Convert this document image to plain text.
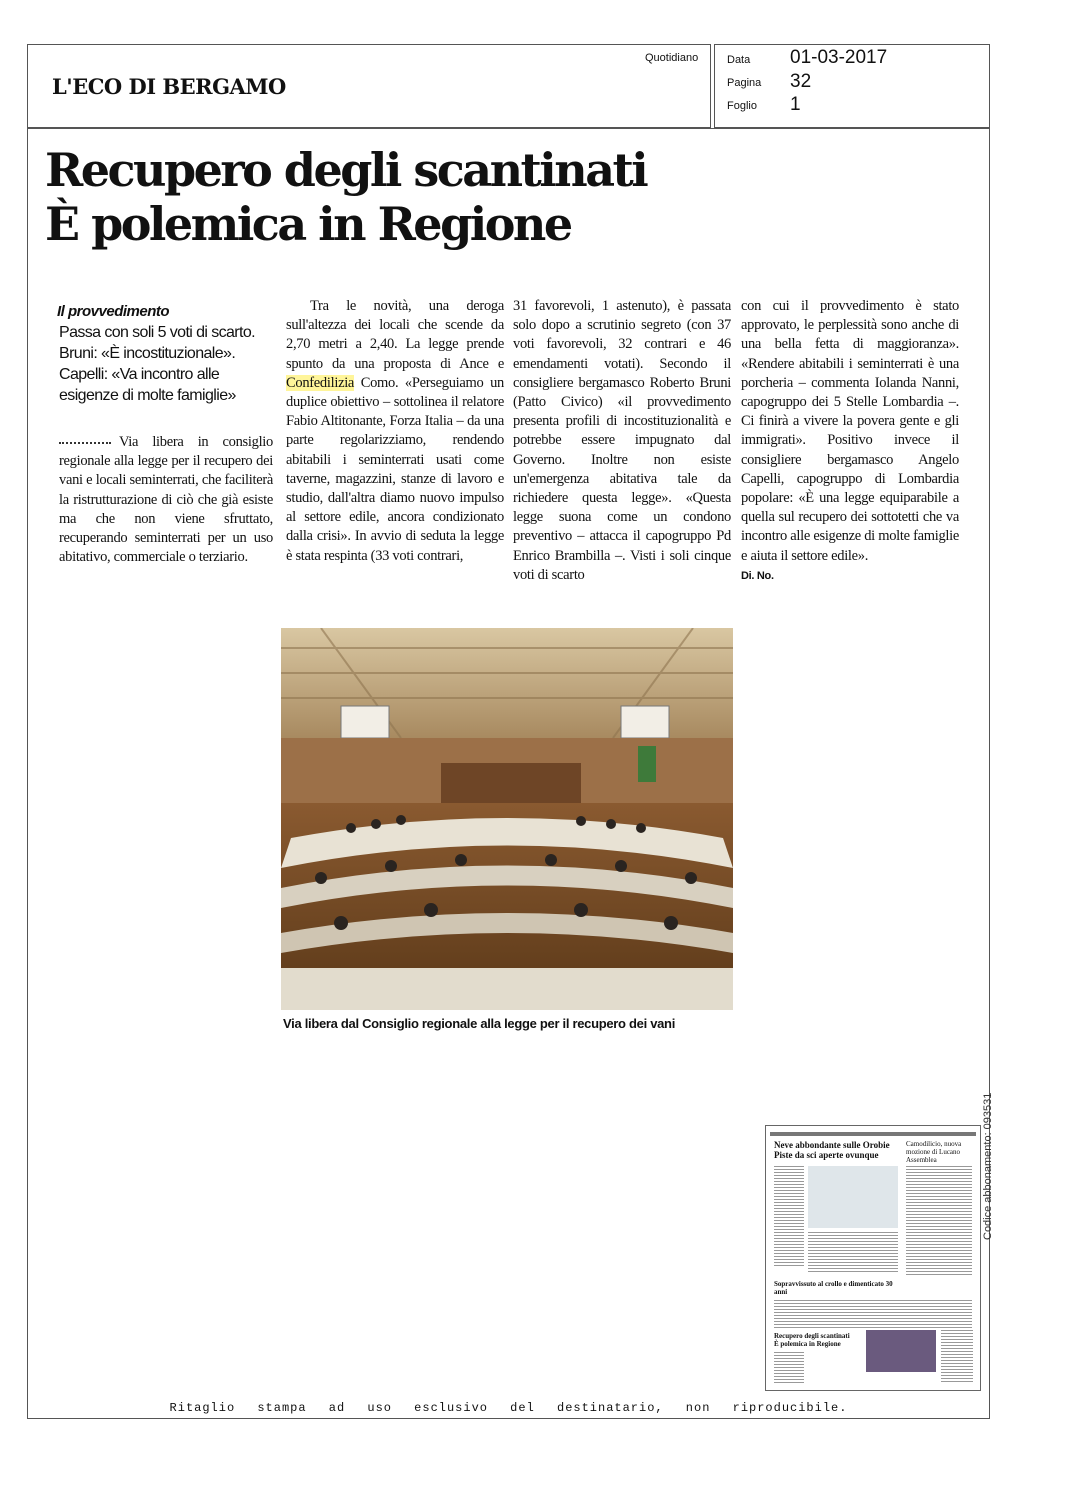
L'ECO DI BERGAMO
Quotidiano	Data 01-03-2017
Pagina 32
Foglio 1
Recupero degli scantinati
È polemica in Regione
Il provvedimento
Passa con soli 5 voti di scarto. Bruni: «È incostituzionale». Capelli: «Va incontro alle esigenze di molte famiglie»
Via libera in consiglio regionale alla legge per il recupero dei vani e locali seminterrati, che faciliterà la ristrutturazione di ciò che già esiste ma che non viene sfruttato, recuperando seminterrati per un uso abitativo, commerciale o terziario.
Tra le novità, una deroga sull'altezza dei locali che scende da 2,70 metri a 2,40. La legge prende spunto da una proposta di Ance e Confedilizia Como. «Perseguiamo un duplice obiettivo – sottolinea il relatore Fabio Altitonante, Forza Italia – da una parte regolarizziamo, rendendo abitabili i seminterrati usati come taverne, magazzini, stanze di lavoro e studio, dall'altra diamo nuovo impulso al settore edile, ancora condizionato dalla crisi». In avvio di seduta la legge è stata respinta (33 voti contrari,
31 favorevoli, 1 astenuto), è passata solo dopo a scrutinio segreto (con 37 voti favorevoli, 32 contrari e 46 emendamenti votati). Secondo il consigliere bergamasco Roberto Bruni (Patto Civico) «il provvedimento presenta profili di incostituzionalità e potrebbe essere impugnato dal Governo. Inoltre non esiste un'emergenza abitativa tale da richiedere questa legge». «Questa legge suona come un condono preventivo – attacca il capogruppo Pd Enrico Brambilla –. Visti i soli cinque voti di scarto
con cui il provvedimento è stato approvato, le perplessità sono anche di una bella fetta di maggioranza». «Rendere abitabili i seminterrati è una porcheria – commenta Iolanda Nanni, capogruppo dei 5 Stelle Lombardia –. Ci finirà a vivere la povera gente e gli immigrati». Positivo invece il consigliere bergamasco Angelo Capelli, capogruppo di Lombardia popolare: «È una legge equiparabile a quella sul recupero dei sottotetti che va incontro alle esigenze di molte famiglie e aiuta il settore edile».
Di. No.
Via libera dal Consiglio regionale alla legge per il recupero dei vani
Neve abbondante sulle Orobie
Piste da sci aperte ovunque
Camodilicio, nuova mozione di Lucano Assemblea
Sopravvissuto al crollo e dimenticato 30 anni
Recupero degli scantinati È polemica in Regione
Codice abbonamento: 093531
Ritaglio stampa ad uso esclusivo del destinatario, non riproducibile.
